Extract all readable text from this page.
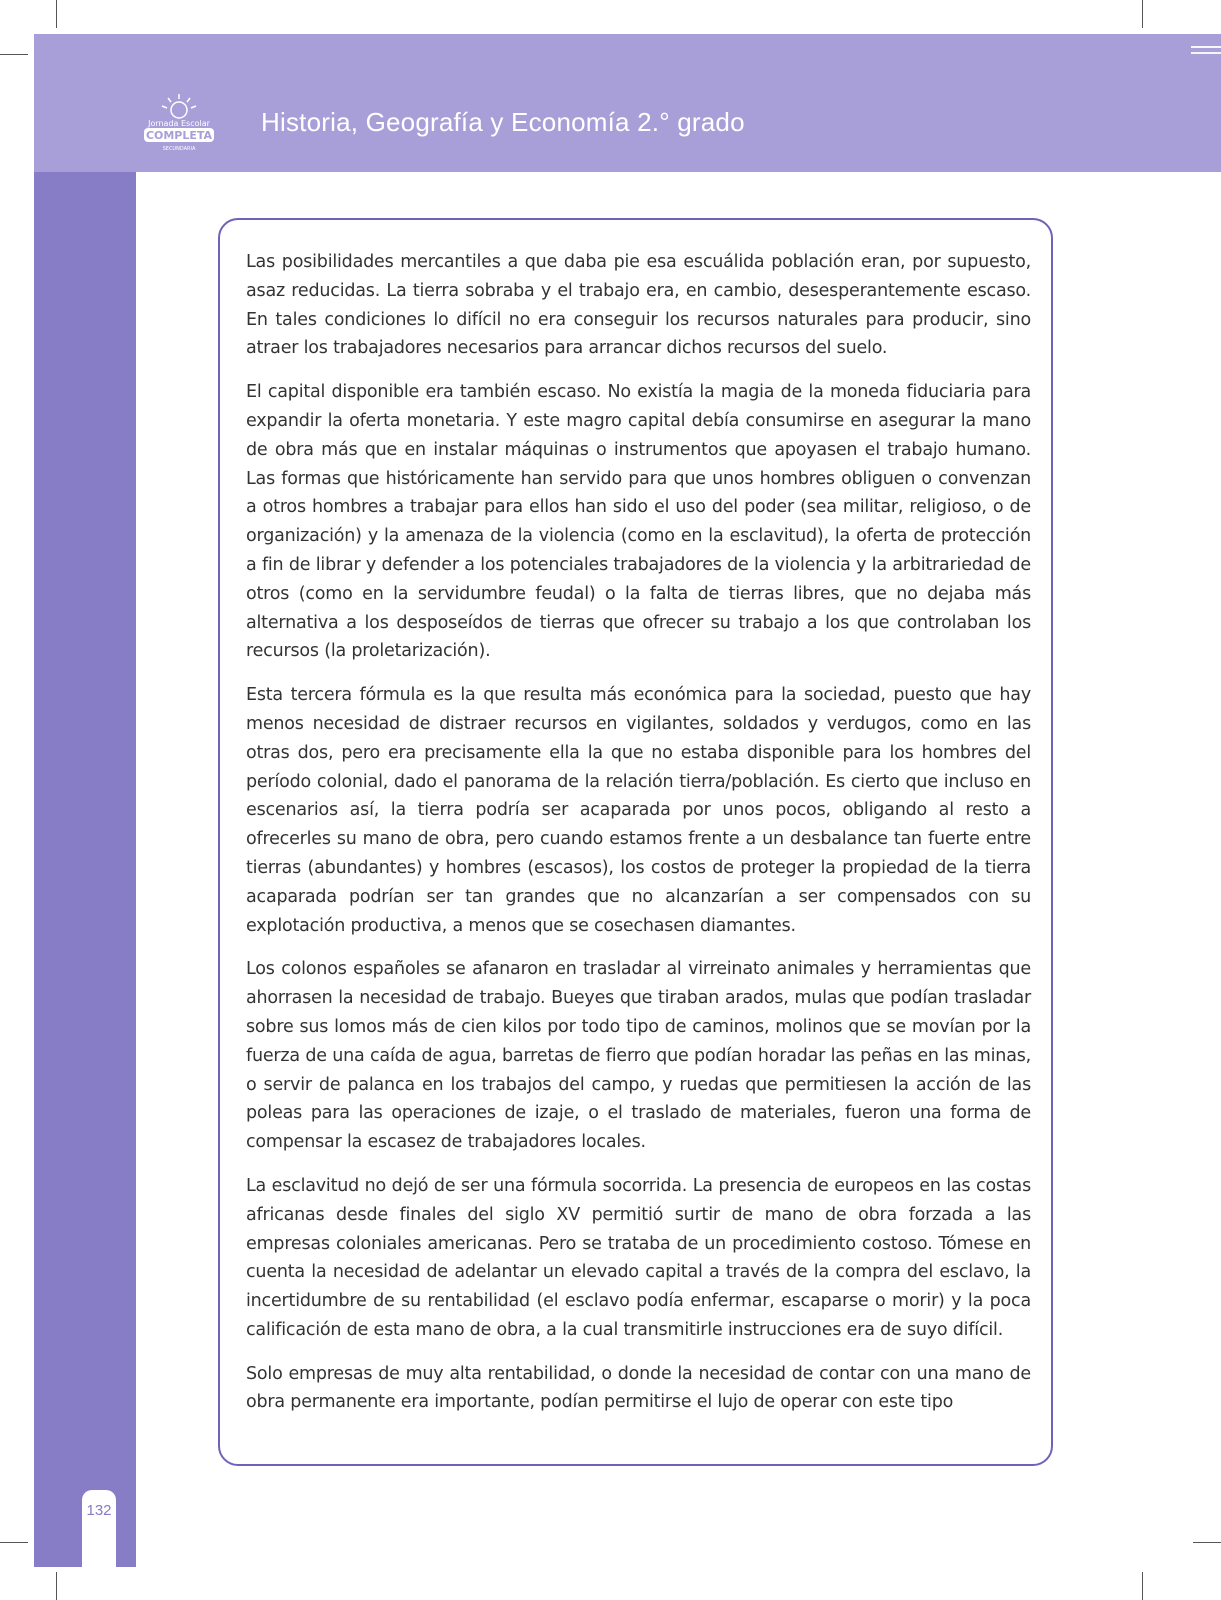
Jornada Escolar
COMPLETA
SECUNDARIA
Historia, Geografía y Economía 2.° grado

Las posibilidades mercantiles a que daba pie esa escuálida población eran, por supuesto, asaz reducidas. La tierra sobraba y el trabajo era, en cambio, desesperantemente escaso. En tales condiciones lo difícil no era conseguir los recursos naturales para producir, sino atraer los trabajadores necesarios para arrancar dichos recursos del suelo.

El capital disponible era también escaso. No existía la magia de la moneda fiduciaria para expandir la oferta monetaria. Y este magro capital debía consumirse en asegurar la mano de obra más que en instalar máquinas o instrumentos que apoyasen el trabajo humano. Las formas que históricamente han servido para que unos hombres obliguen o convenzan a otros hombres a trabajar para ellos han sido el uso del poder (sea militar, religioso, o de organización) y la amenaza de la violencia (como en la esclavitud), la oferta de protección a fin de librar y defender a los potenciales trabajadores de la violencia y la arbitrariedad de otros (como en la servidumbre feudal) o la falta de tierras libres, que no dejaba más alternativa a los desposeídos de tierras que ofrecer su trabajo a los que controlaban los recursos (la proletarización).

Esta tercera fórmula es la que resulta más económica para la sociedad, puesto que hay menos necesidad de distraer recursos en vigilantes, soldados y verdugos, como en las otras dos, pero era precisamente ella la que no estaba disponible para los hombres del período colonial, dado el panorama de la relación tierra/población. Es cierto que incluso en escenarios así, la tierra podría ser acaparada por unos pocos, obligando al resto a ofrecerles su mano de obra, pero cuando estamos frente a un desbalance tan fuerte entre tierras (abundantes) y hombres (escasos), los costos de proteger la propiedad de la tierra acaparada podrían ser tan grandes que no alcanzarían a ser compensados con su explotación productiva, a menos que se cosechasen diamantes.

Los colonos españoles se afanaron en trasladar al virreinato animales y herramientas que ahorrasen la necesidad de trabajo. Bueyes que tiraban arados, mulas que podían trasladar sobre sus lomos más de cien kilos por todo tipo de caminos, molinos que se movían por la fuerza de una caída de agua, barretas de fierro que podían horadar las peñas en las minas, o servir de palanca en los trabajos del campo, y ruedas que permitiesen la acción de las poleas para las operaciones de izaje, o el traslado de materiales, fueron una forma de compensar la escasez de trabajadores locales.

La esclavitud no dejó de ser una fórmula socorrida. La presencia de europeos en las costas africanas desde finales del siglo XV permitió surtir de mano de obra forzada a las empresas coloniales americanas. Pero se trataba de un procedimiento costoso. Tómese en cuenta la necesidad de adelantar un elevado capital a través de la compra del esclavo, la incertidumbre de su rentabilidad (el esclavo podía enfermar, escaparse o morir) y la poca calificación de esta mano de obra, a la cual transmitirle instrucciones era de suyo difícil.

Solo empresas de muy alta rentabilidad, o donde la necesidad de contar con una mano de obra permanente era importante, podían permitirse el lujo de operar con este tipo

132
